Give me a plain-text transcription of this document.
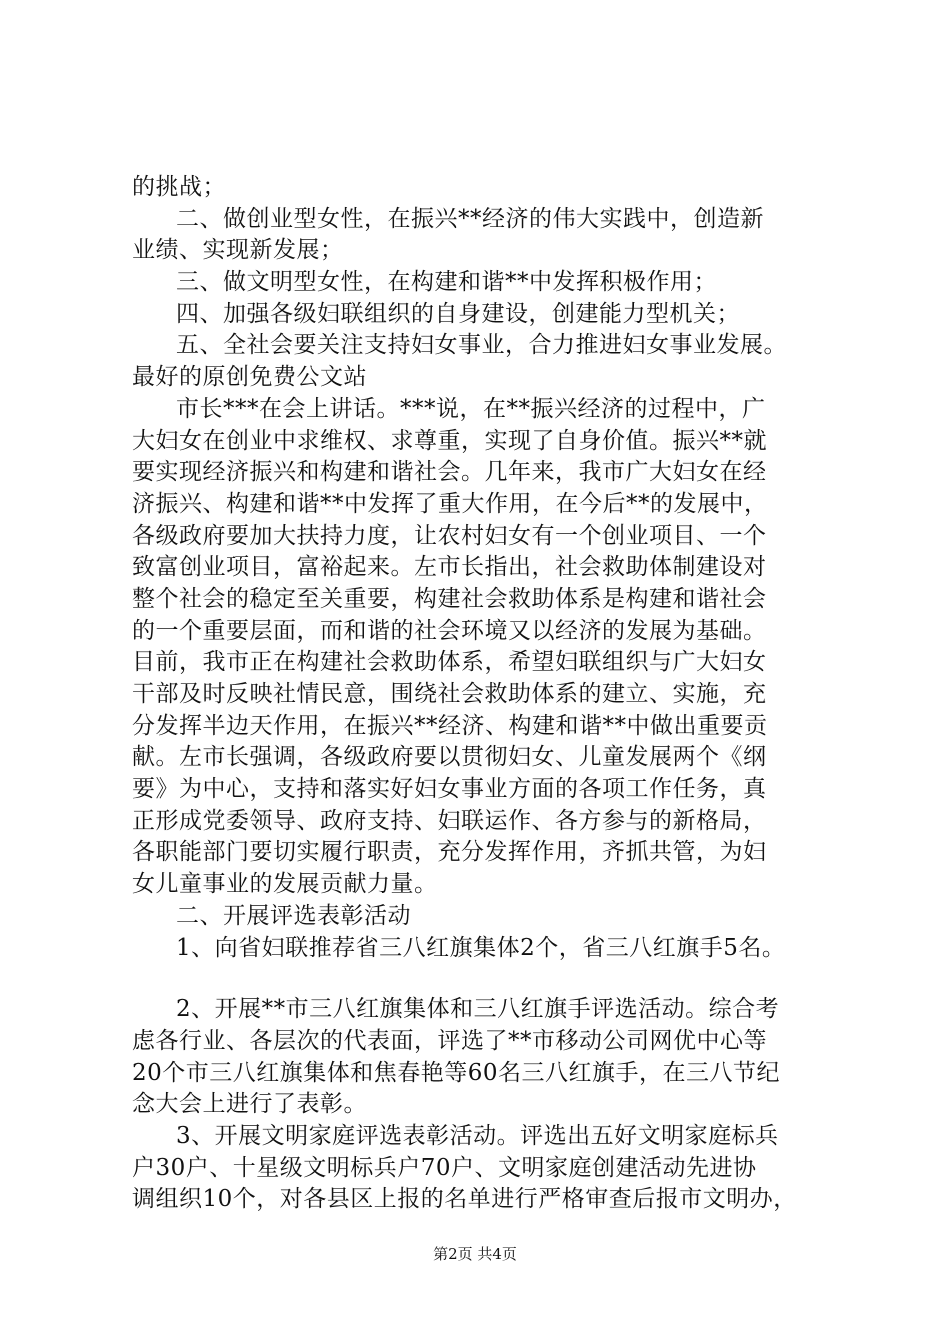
的挑战；
二、做创业型女性，在振兴**经济的伟大实践中，创造新
业绩、实现新发展；
三、做文明型女性，在构建和谐**中发挥积极作用；
四、加强各级妇联组织的自身建设，创建能力型机关；
五、全社会要关注支持妇女事业，合力推进妇女事业发展。
最好的原创免费公文站
市长***在会上讲话。***说，在**振兴经济的过程中，广
大妇女在创业中求维权、求尊重，实现了自身价值。振兴**就
要实现经济振兴和构建和谐社会。几年来，我市广大妇女在经
济振兴、构建和谐**中发挥了重大作用，在今后**的发展中，
各级政府要加大扶持力度，让农村妇女有一个创业项目、一个
致富创业项目，富裕起来。左市长指出，社会救助体制建设对
整个社会的稳定至关重要，构建社会救助体系是构建和谐社会
的一个重要层面，而和谐的社会环境又以经济的发展为基础。
目前，我市正在构建社会救助体系，希望妇联组织与广大妇女
干部及时反映社情民意，围绕社会救助体系的建立、实施，充
分发挥半边天作用，在振兴**经济、构建和谐**中做出重要贡
献。左市长强调，各级政府要以贯彻妇女、儿童发展两个《纲
要》为中心，支持和落实好妇女事业方面的各项工作任务，真
正形成党委领导、政府支持、妇联运作、各方参与的新格局，
各职能部门要切实履行职责，充分发挥作用，齐抓共管，为妇
女儿童事业的发展贡献力量。
二、开展评选表彰活动
1、向省妇联推荐省三八红旗集体2个，省三八红旗手5名。
2、开展**市三八红旗集体和三八红旗手评选活动。综合考
虑各行业、各层次的代表面，评选了**市移动公司网优中心等
20个市三八红旗集体和焦春艳等60名三八红旗手，在三八节纪
念大会上进行了表彰。
3、开展文明家庭评选表彰活动。评选出五好文明家庭标兵
户30户、十星级文明标兵户70户、文明家庭创建活动先进协
调组织10个，对各县区上报的名单进行严格审查后报市文明办，
第2页 共4页
